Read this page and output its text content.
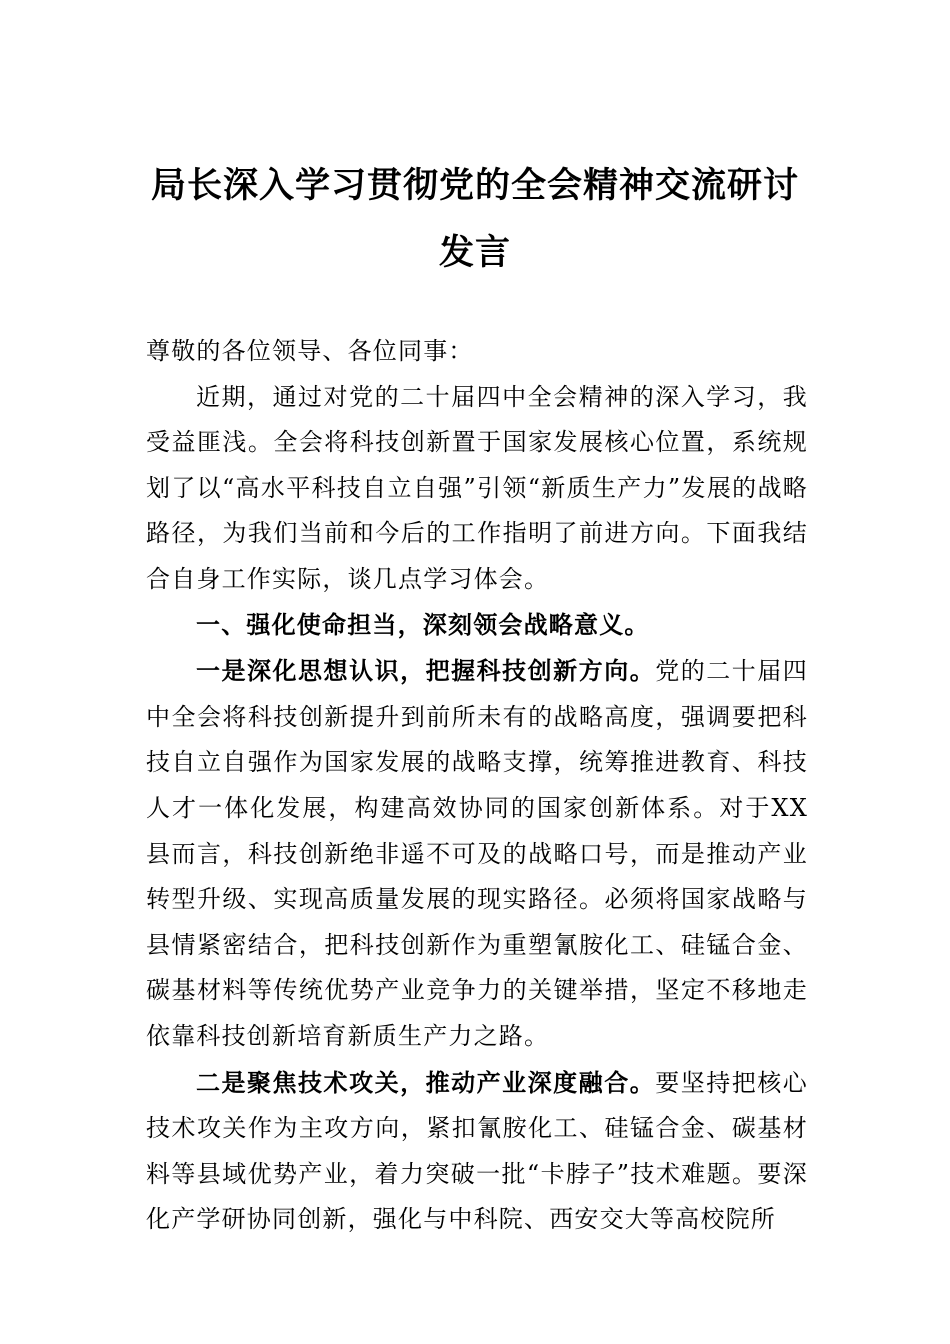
局长深入学习贯彻党的全会精神交流研讨
发言

尊敬的各位领导、各位同事：

近期，通过对党的二十届四中全会精神的深入学习，我受益匪浅。全会将科技创新置于国家发展核心位置，系统规划了以“高水平科技自立自强”引领“新质生产力”发展的战略路径，为我们当前和今后的工作指明了前进方向。下面我结合自身工作实际，谈几点学习体会。

一、强化使命担当，深刻领会战略意义。

一是深化思想认识，把握科技创新方向。党的二十届四中全会将科技创新提升到前所未有的战略高度，强调要把科技自立自强作为国家发展的战略支撑，统筹推进教育、科技人才一体化发展，构建高效协同的国家创新体系。对于XX县而言，科技创新绝非遥不可及的战略口号，而是推动产业转型升级、实现高质量发展的现实路径。必须将国家战略与县情紧密结合，把科技创新作为重塑氰胺化工、硅锰合金、碳基材料等传统优势产业竞争力的关键举措，坚定不移地走依靠科技创新培育新质生产力之路。

二是聚焦技术攻关，推动产业深度融合。要坚持把核心技术攻关作为主攻方向，紧扣氰胺化工、硅锰合金、碳基材料等县域优势产业，着力突破一批“卡脖子”技术难题。要深化产学研协同创新，强化与中科院、西安交大等高校院所
